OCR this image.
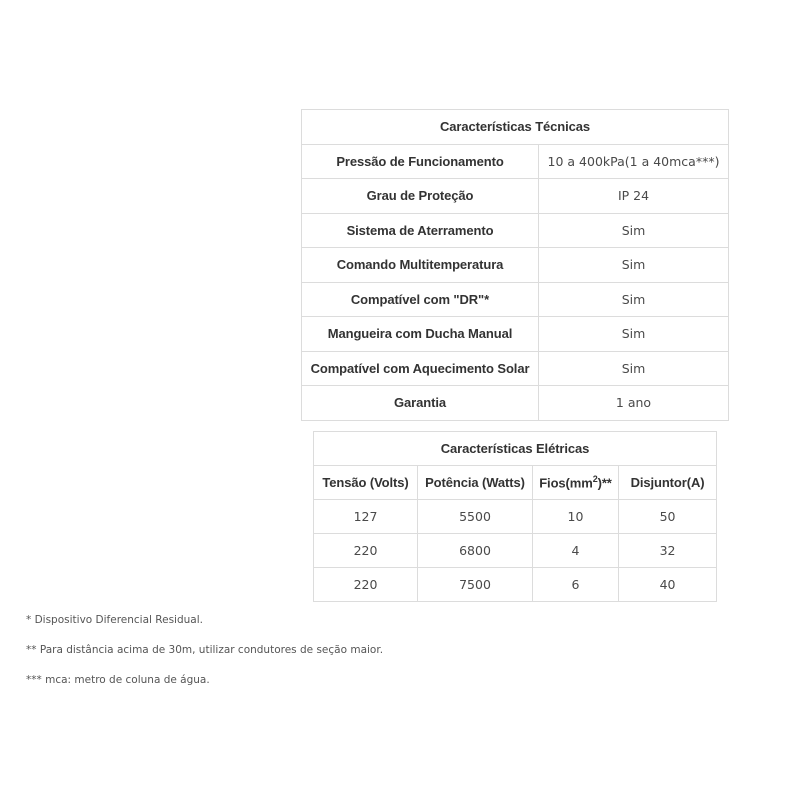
Características Técnicas	
Pressão de Funcionamento	10 a 400kPa(1 a 40mca***)
Grau de Proteção	IP 24
Sistema de Aterramento	Sim
Comando Multitemperatura	Sim
Compatível com "DR"*	Sim
Mangueira com Ducha Manual	Sim
Compatível com Aquecimento Solar	Sim
Garantia	1 ano
Características Elétricas			
Tensão (Volts)	Potência (Watts)	$Fios(mm^2)**$	Disjuntor(A)
127	5500	10	50
220	6800	4	32
220	7500	6	40

* Dispositivo Diferencial Residual.

** Para distância acima de 30m, utilizar condutores de seção maior.

*** mca: metro de coluna de água.
